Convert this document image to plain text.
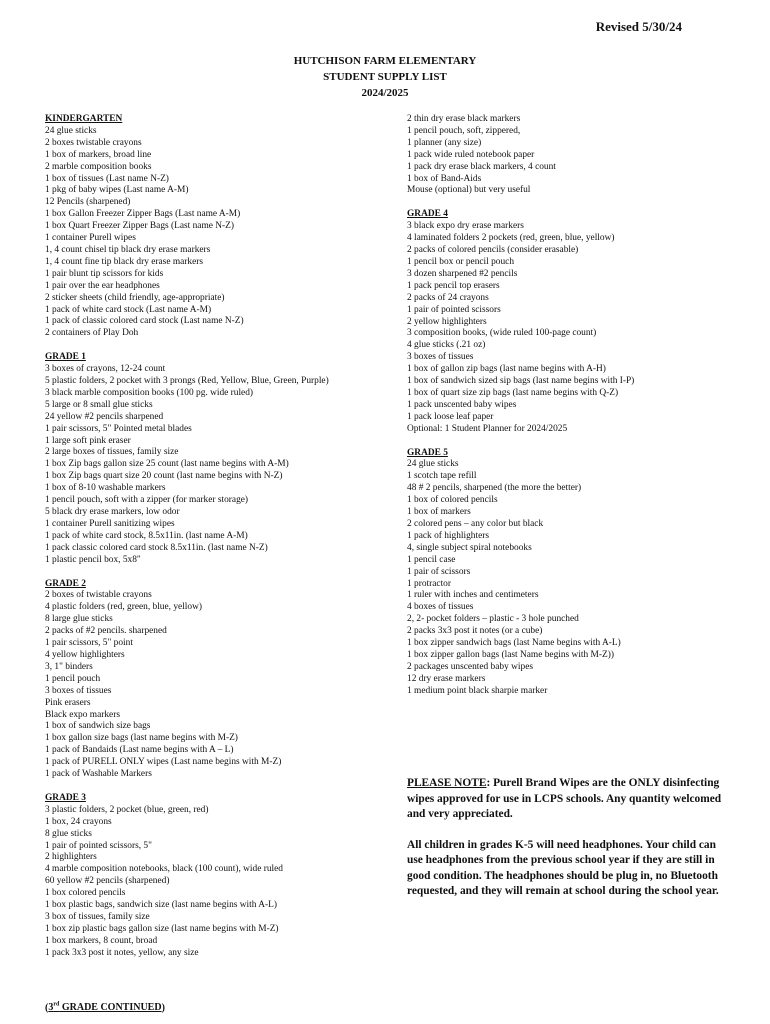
Revised 5/30/24
HUTCHISON FARM ELEMENTARY
STUDENT SUPPLY LIST
2024/2025
KINDERGARTEN
24 glue sticks
2 boxes twistable crayons
1 box of markers, broad line
2 marble composition books
1 box of tissues (Last name N-Z)
1 pkg of baby wipes (Last name A-M)
12 Pencils (sharpened)
1 box Gallon Freezer Zipper Bags (Last name A-M)
1 box Quart Freezer Zipper Bags (Last name N-Z)
1 container Purell wipes
1, 4 count chisel tip black dry erase markers
1, 4 count fine tip black dry erase markers
1 pair blunt tip scissors for kids
1 pair over the ear headphones
2 sticker sheets (child friendly, age-appropriate)
1 pack of white card stock (Last name A-M)
1 pack of classic colored card stock (Last name N-Z)
2 containers of Play Doh
GRADE 1
3 boxes of crayons, 12-24 count
5 plastic folders, 2 pocket with 3 prongs (Red, Yellow, Blue, Green, Purple)
3 black marble composition books (100 pg. wide ruled)
5 large or 8 small glue sticks
24 yellow #2 pencils sharpened
1 pair scissors, 5" Pointed metal blades
1 large soft pink eraser
2 large boxes of tissues, family size
1 box Zip bags gallon size 25 count (last name begins with A-M)
1 box Zip bags quart size 20 count (last name begins with N-Z)
1 box of 8-10 washable markers
1 pencil pouch, soft with a zipper (for marker storage)
5 black dry erase markers, low odor
1 container Purell sanitizing wipes
1 pack of white card stock, 8.5x11in. (last name A-M)
1 pack classic colored card stock 8.5x11in. (last name N-Z)
1 plastic pencil box, 5x8"
GRADE 2
2 boxes of twistable crayons
4 plastic folders (red, green, blue, yellow)
8 large glue sticks
2 packs of #2 pencils. sharpened
1 pair scissors, 5" point
4 yellow highlighters
3, 1" binders
1 pencil pouch
3 boxes of tissues
Pink erasers
Black expo markers
1 box of sandwich size bags
1 box gallon size bags (last name begins with M-Z)
1 pack of Bandaids (Last name begins with A – L)
1 pack of PURELL ONLY wipes (Last name begins with M-Z)
1 pack of Washable Markers
GRADE 3
3 plastic folders, 2 pocket (blue, green, red)
1 box, 24 crayons
8 glue sticks
1 pair of pointed scissors, 5"
2 highlighters
4 marble composition notebooks, black (100 count), wide ruled
60 yellow #2 pencils (sharpened)
1 box colored pencils
1 box plastic bags, sandwich size (last name begins with A-L)
3 box of tissues, family size
1 box zip plastic bags gallon size (last name begins with M-Z)
1 box markers, 8 count, broad
1 pack 3x3 post it notes, yellow, any size
2 thin dry erase black markers
1 pencil pouch, soft, zippered,
1 planner (any size)
1 pack wide ruled notebook paper
1 pack dry erase black markers, 4 count
1 box of Band-Aids
Mouse (optional) but very useful
GRADE 4
3 black expo dry erase markers
4 laminated folders 2 pockets (red, green, blue, yellow)
2 packs of colored pencils (consider erasable)
1 pencil box or pencil pouch
3 dozen sharpened #2 pencils
1 pack pencil top erasers
2 packs of 24 crayons
1 pair of pointed scissors
2 yellow highlighters
3 composition books, (wide ruled 100-page count)
4 glue sticks (.21 oz)
3 boxes of tissues
1 box of gallon zip bags (last name begins with A-H)
1 box of sandwich sized sip bags (last name begins with I-P)
1 box of quart size zip bags (last name begins with Q-Z)
1 pack unscented baby wipes
1 pack loose leaf paper
Optional: 1 Student Planner for 2024/2025
GRADE 5
24 glue sticks
1 scotch tape refill
48 # 2 pencils, sharpened (the more the better)
1 box of colored pencils
1 box of markers
2 colored pens – any color but black
1 pack of highlighters
4, single subject spiral notebooks
1 pencil case
1 pair of scissors
1 protractor
1 ruler with inches and centimeters
4 boxes of tissues
2, 2- pocket folders – plastic - 3 hole punched
2 packs 3x3 post it notes (or a cube)
1 box zipper sandwich bags (last Name begins with A-L)
1 box zipper gallon bags (last Name begins with M-Z))
2 packages unscented baby wipes
12 dry erase markers
1 medium point black sharpie marker

PLEASE NOTE: Purell Brand Wipes are the ONLY disinfecting wipes approved for use in LCPS schools. Any quantity welcomed and very appreciated.

All children in grades K-5 will need headphones. Your child can use headphones from the previous school year if they are still in good condition. The headphones should be plug in, no Bluetooth requested, and they will remain at school during the school year.

(3rd GRADE CONTINUED)
